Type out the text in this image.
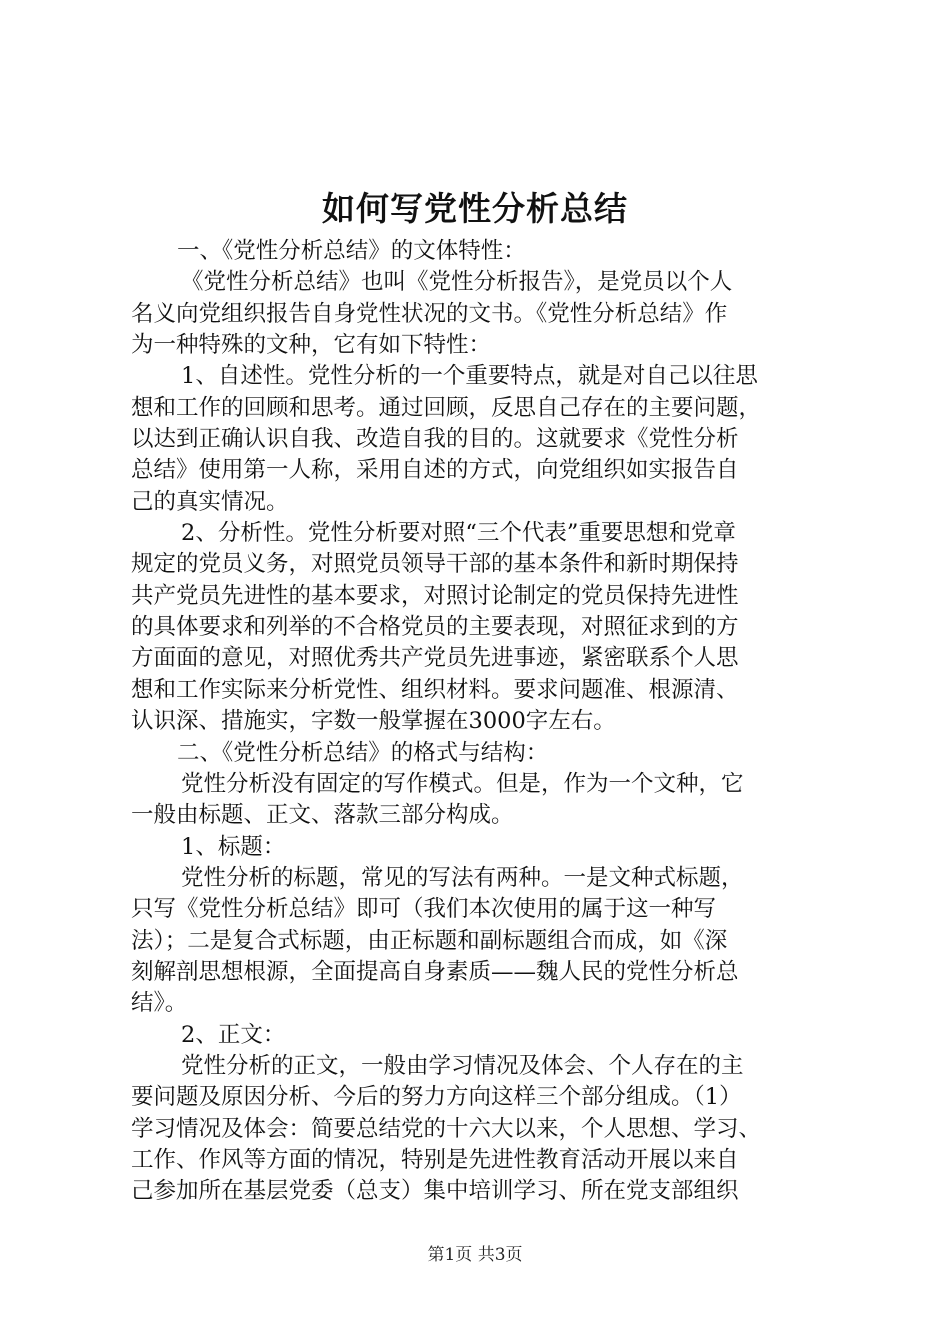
如何写党性分析总结
一、《党性分析总结》的文体特性：
《党性分析总结》也叫《党性分析报告》，是党员以个人
名义向党组织报告自身党性状况的文书。《党性分析总结》作
为一种特殊的文种，它有如下特性：
1、自述性。党性分析的一个重要特点，就是对自己以往思
想和工作的回顾和思考。通过回顾，反思自己存在的主要问题，
以达到正确认识自我、改造自我的目的。这就要求《党性分析
总结》使用第一人称，采用自述的方式，向党组织如实报告自
己的真实情况。
2、分析性。党性分析要对照“三个代表”重要思想和党章
规定的党员义务，对照党员领导干部的基本条件和新时期保持
共产党员先进性的基本要求，对照讨论制定的党员保持先进性
的具体要求和列举的不合格党员的主要表现，对照征求到的方
方面面的意见，对照优秀共产党员先进事迹，紧密联系个人思
想和工作实际来分析党性、组织材料。要求问题准、根源清、
认识深、措施实，字数一般掌握在3000字左右。
二、《党性分析总结》的格式与结构：
党性分析没有固定的写作模式。但是，作为一个文种，它
一般由标题、正文、落款三部分构成。
1、标题：
党性分析的标题，常见的写法有两种。一是文种式标题，
只写《党性分析总结》即可（我们本次使用的属于这一种写
法）；二是复合式标题，由正标题和副标题组合而成，如《深
刻解剖思想根源，全面提高自身素质——魏人民的党性分析总
结》。
2、正文：
党性分析的正文，一般由学习情况及体会、个人存在的主
要问题及原因分析、今后的努力方向这样三个部分组成。（1）
学习情况及体会：简要总结党的十六大以来，个人思想、学习、
工作、作风等方面的情况，特别是先进性教育活动开展以来自
己参加所在基层党委（总支）集中培训学习、所在党支部组织
第1页 共3页
